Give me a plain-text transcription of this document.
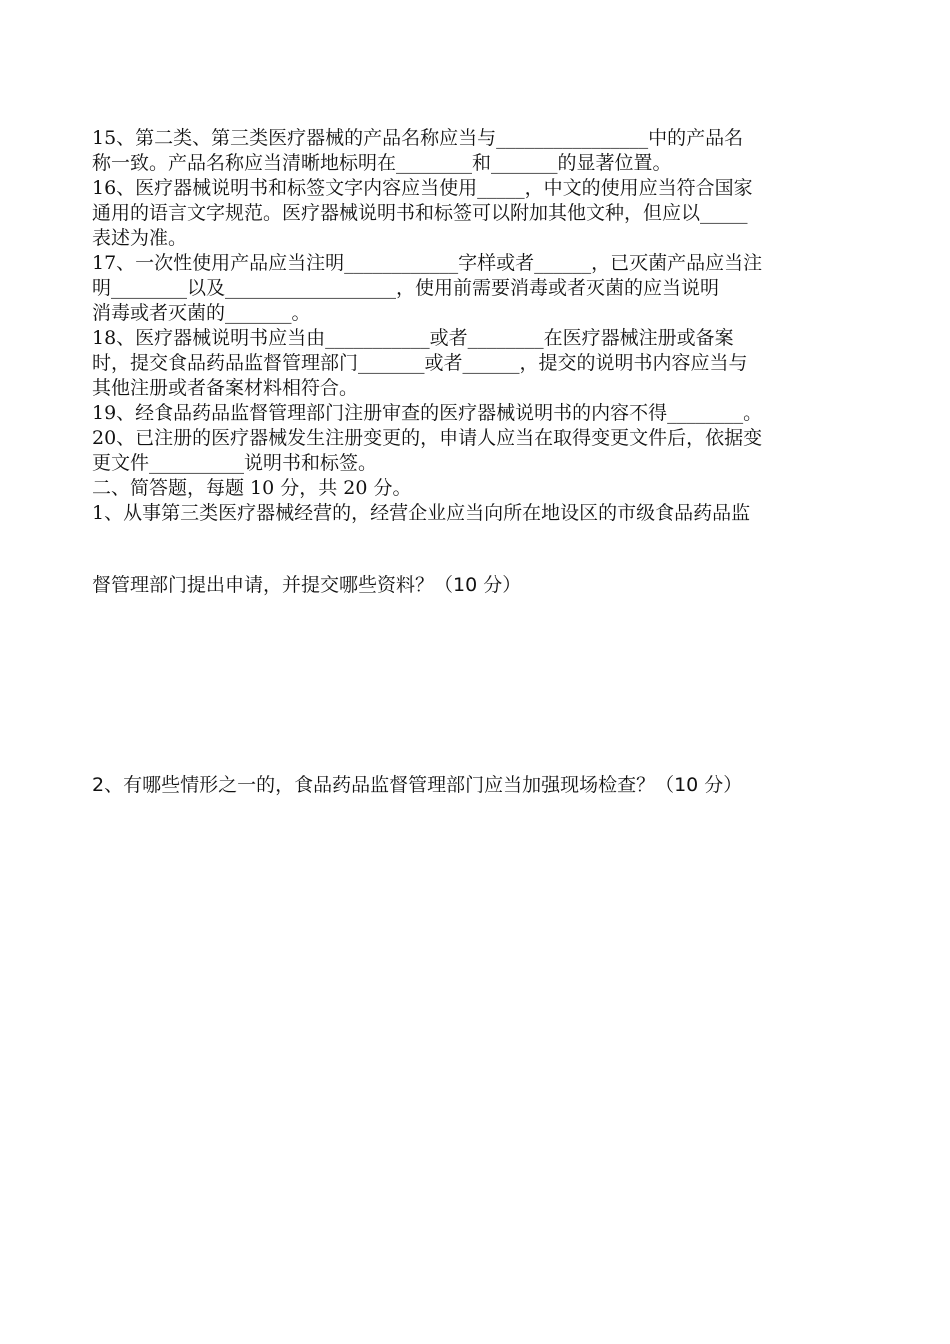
15、第二类、第三类医疗器械的产品名称应当与________________中的产品名
称一致。产品名称应当清晰地标明在________和_______的显著位置。
16、医疗器械说明书和标签文字内容应当使用_____，中文的使用应当符合国家
通用的语言文字规范。医疗器械说明书和标签可以附加其他文种，但应以_____
表述为准。
17、一次性使用产品应当注明____________字样或者______，已灭菌产品应当注
明________以及__________________，使用前需要消毒或者灭菌的应当说明
消毒或者灭菌的_______。
18、医疗器械说明书应当由___________或者________在医疗器械注册或备案
时，提交食品药品监督管理部门_______或者______，提交的说明书内容应当与
其他注册或者备案材料相符合。
19、经食品药品监督管理部门注册审查的医疗器械说明书的内容不得________。
20、已注册的医疗器械发生注册变更的，申请人应当在取得变更文件后，依据变
更文件__________说明书和标签。
二、简答题，每题 10 分，共 20 分。
1、从事第三类医疗器械经营的，经营企业应当向所在地设区的市级食品药品监
督管理部门提出申请，并提交哪些资料？（10 分）
2、有哪些情形之一的，食品药品监督管理部门应当加强现场检查？（10 分）
